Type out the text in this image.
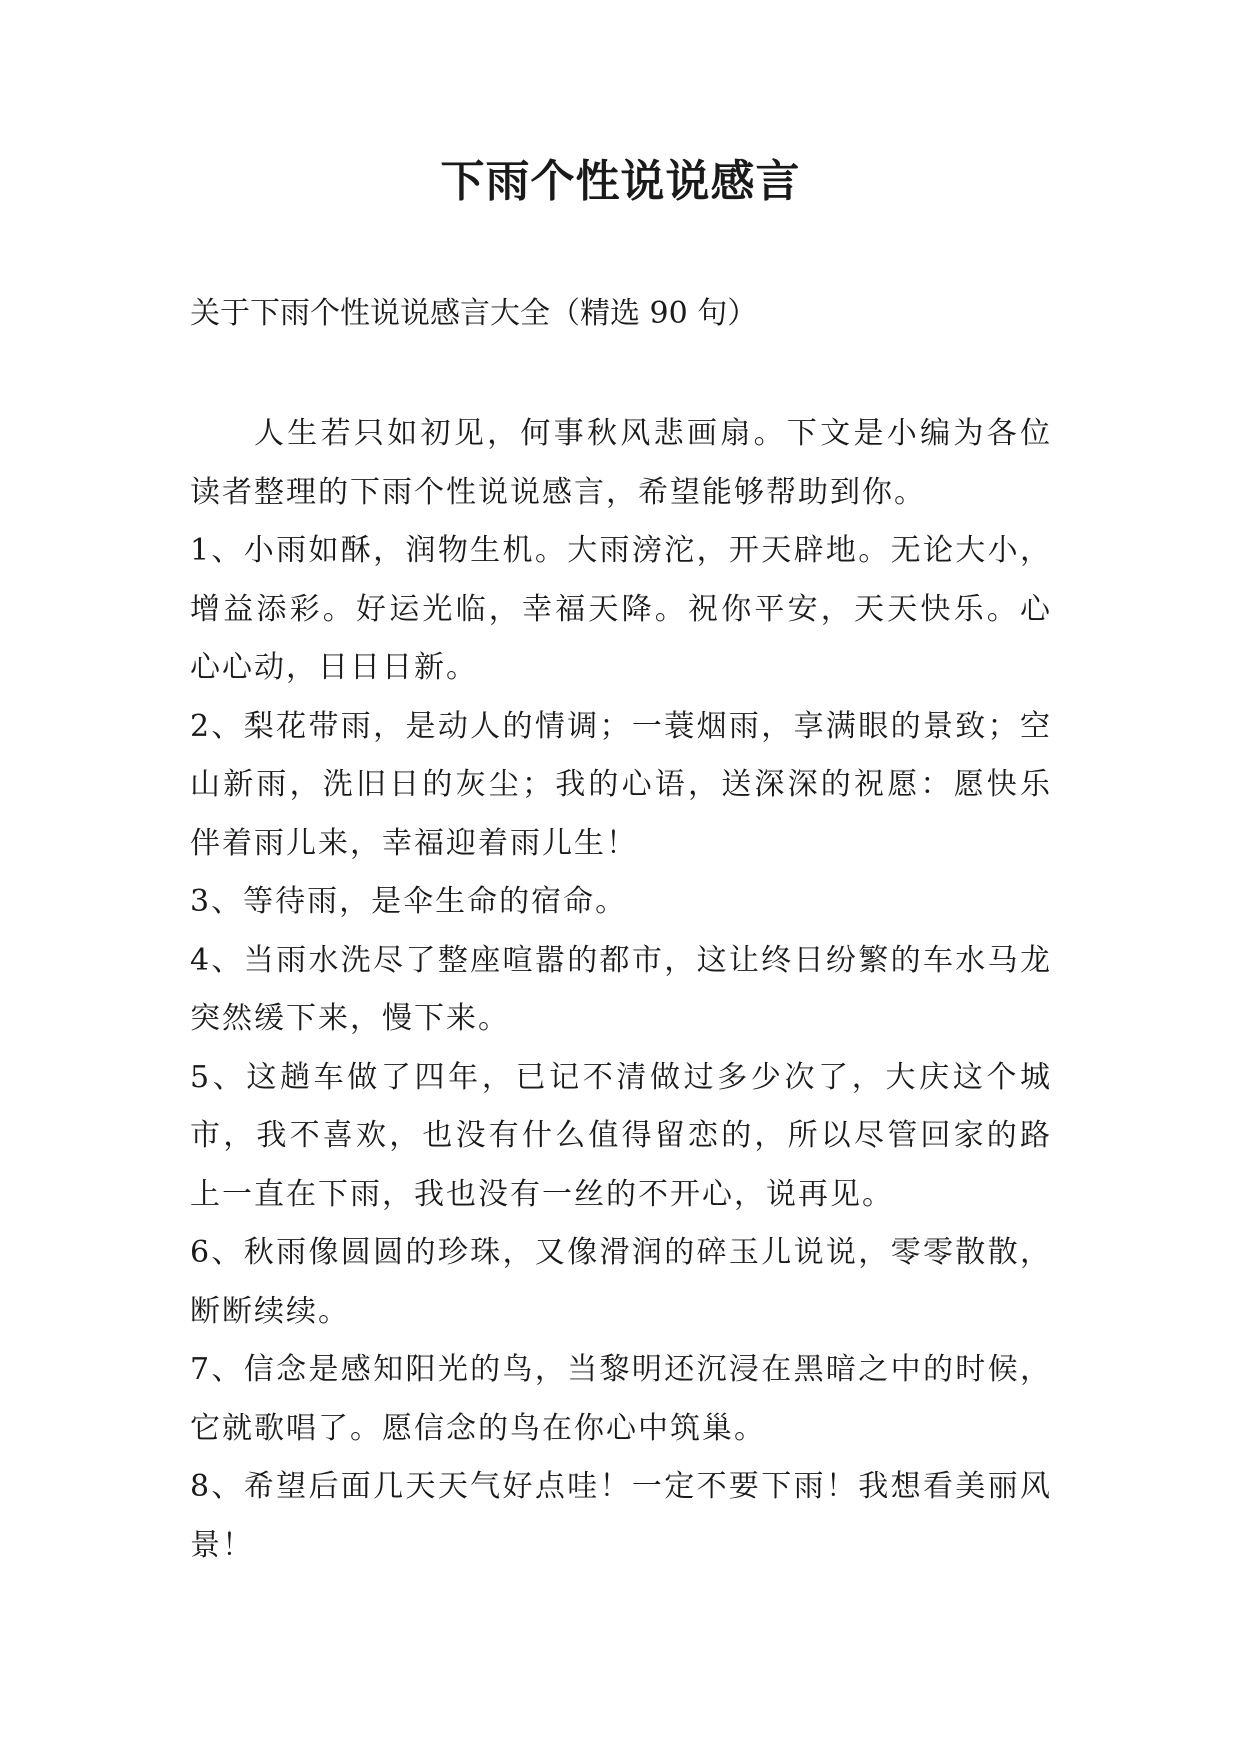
下雨个性说说感言

关于下雨个性说说感言大全（精选 90 句）

人生若只如初见，何事秋风悲画扇。下文是小编为各位读者整理的下雨个性说说感言，希望能够帮助到你。

1、小雨如酥，润物生机。大雨滂沱，开天辟地。无论大小，增益添彩。好运光临，幸福天降。祝你平安，天天快乐。心心心动，日日日新。

2、梨花带雨，是动人的情调；一蓑烟雨，享满眼的景致；空山新雨，洗旧日的灰尘；我的心语，送深深的祝愿：愿快乐伴着雨儿来，幸福迎着雨儿生！

3、等待雨，是伞生命的宿命。

4、当雨水洗尽了整座喧嚣的都市，这让终日纷繁的车水马龙突然缓下来，慢下来。

5、这趟车做了四年，已记不清做过多少次了，大庆这个城市，我不喜欢，也没有什么值得留恋的，所以尽管回家的路上一直在下雨，我也没有一丝的不开心，说再见。

6、秋雨像圆圆的珍珠，又像滑润的碎玉儿说说，零零散散，断断续续。

7、信念是感知阳光的鸟，当黎明还沉浸在黑暗之中的时候，它就歌唱了。愿信念的鸟在你心中筑巢。

8、希望后面几天天气好点哇！一定不要下雨！我想看美丽风景！
